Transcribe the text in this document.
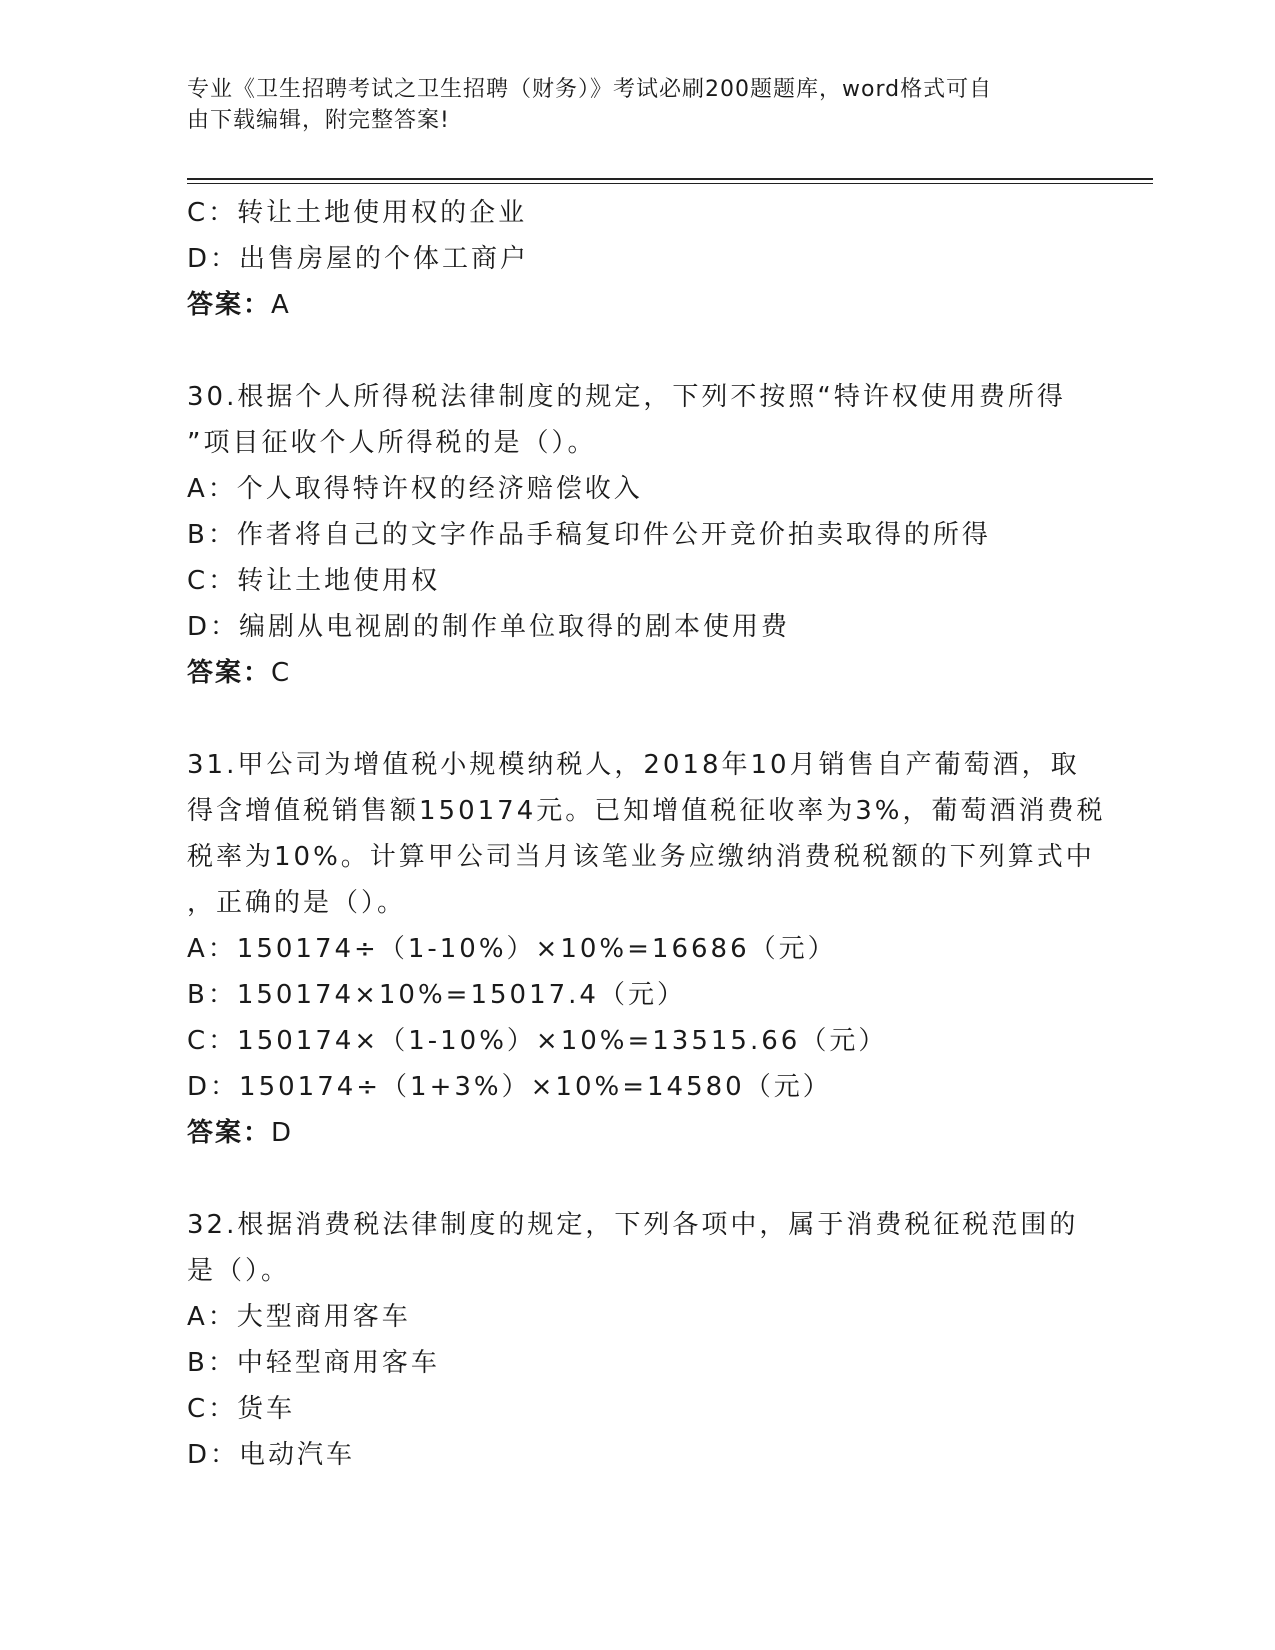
专业《卫生招聘考试之卫生招聘（财务）》考试必刷200题题库，word格式可自

由下载编辑，附完整答案!

C：转让土地使用权的企业

D：出售房屋的个体工商户

答案：A

30.根据个人所得税法律制度的规定，下列不按照“特许权使用费所得

”项目征收个人所得税的是（）。

A：个人取得特许权的经济赔偿收入

B：作者将自己的文字作品手稿复印件公开竞价拍卖取得的所得

C：转让土地使用权

D：编剧从电视剧的制作单位取得的剧本使用费

答案：C

31.甲公司为增值税小规模纳税人，2018年10月销售自产葡萄酒，取

得含增值税销售额150174元。已知增值税征收率为3%，葡萄酒消费税

税率为10%。计算甲公司当月该笔业务应缴纳消费税税额的下列算式中

，正确的是（）。

A：150174÷（1-10%）×10%=16686（元）

B：150174×10%=15017.4（元）

C：150174×（1-10%）×10%=13515.66（元）

D：150174÷（1+3%）×10%=14580（元）

答案：D

32.根据消费税法律制度的规定，下列各项中，属于消费税征税范围的

是（）。

A：大型商用客车

B：中轻型商用客车

C：货车

D：电动汽车
